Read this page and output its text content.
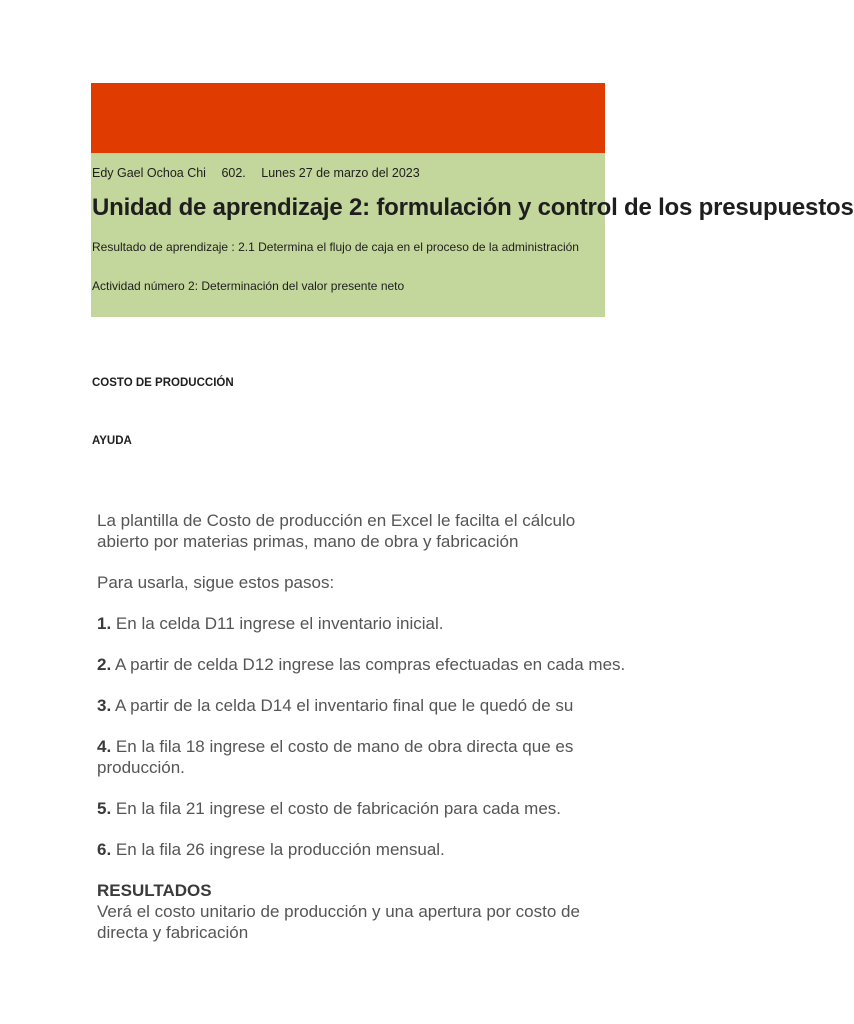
Edy Gael Ochoa Chi 602. Lunes 27 de marzo del 2023
Unidad de aprendizaje 2: formulación y control de los presupuestos
Resultado de aprendizaje : 2.1 Determina el flujo de caja en el proceso de la administración
Actividad número 2: Determinación del valor presente neto
COSTO DE PRODUCCIÓN
AYUDA

La plantilla de Costo de producción en Excel le facilta el cálculo
abierto por materias primas, mano de obra y fabricación

Para usarla, sigue estos pasos:

1. En la celda D11 ingrese el inventario inicial.

2. A partir de celda D12 ingrese las compras efectuadas en cada mes.

3. A partir de la celda D14 el inventario final que le quedó de su

4. En la fila 18 ingrese el costo de mano de obra directa que es
producción.

5. En la fila 21 ingrese el costo de fabricación para cada mes.

6. En la fila 26 ingrese la producción mensual.

RESULTADOS
Verá el costo unitario de producción y una apertura por costo de
directa y fabricación
